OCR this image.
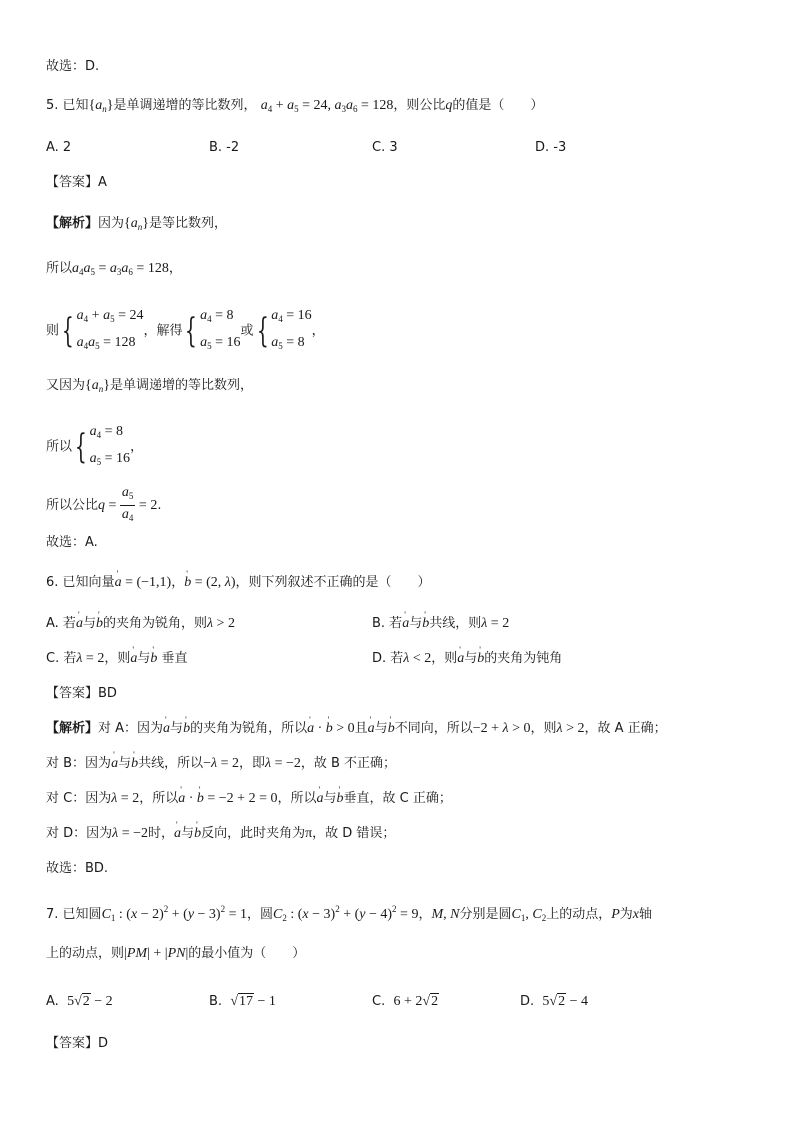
故选：D.
5. 已知$\{a_n\}$是单调递增的等比数列， $a_4 + a_5 = 24$, $a_3a_6 = 128$，则公比q的值是（　　）
A. 2	B. -2	C. 3	D. -3
【答案】A
【解析】因为$\{a_n\}$是等比数列，
所以$a_4a_5 = a_3a_6 = 128$，
则{ $a_4 + a_5 = 24$
$a_4a_5 = 128$，解得{ $a_4 = 8$
$a_5 = 16$或{ $a_4 = 16$
$a_5 = 8$，
又因为$\{a_n\}$是单调递增的等比数列，
所以{ $a_4 = 8$
$a_5 = 16$，
所以公比$q = \frac{a_5}{a_4} = 2$.
故选：A.
6. 已知向量' a = (−1,1)，' b = (2, λ)，则下列叙述不正确的是（　　）
A. 若' a与' b的夹角为锐角，则λ > 2	B. 若' a与' b共线，则λ = 2
C. 若λ = 2，则' a与' b 垂直	D. 若λ < 2，则' a与' b的夹角为钝角
【答案】BD
【解析】对 A：因为' a与' b的夹角为锐角，所以' a · ' b > 0且' a与' b不同向，所以−2 + λ > 0，则λ > 2，故 A 正确；
对 B：因为' a与' b共线，所以−λ = 2，即λ = −2，故 B 不正确；
对 C：因为λ = 2，所以' a · ' b = −2 + 2 = 0，所以' a与' b垂直，故 C 正确；
对 D：因为λ = −2时，' a与' b反向，此时夹角为π，故 D 错误；
故选：BD.
7. 已知圆$C_1$ : $(x - 2)^2 + (y - 3)^2 = 1$，圆$C_2$ : $(x - 3)^2 + (y - 4)^2 = 9$，M, N分别是圆$C_1$, $C_2$上的动点，P为x轴
上的动点，则|PM| + |PN|的最小值为（　　）
A. 5√2 − 2	B. √17 − 1	C. 6 + 2√2	D. 5√2 − 4
【答案】D
